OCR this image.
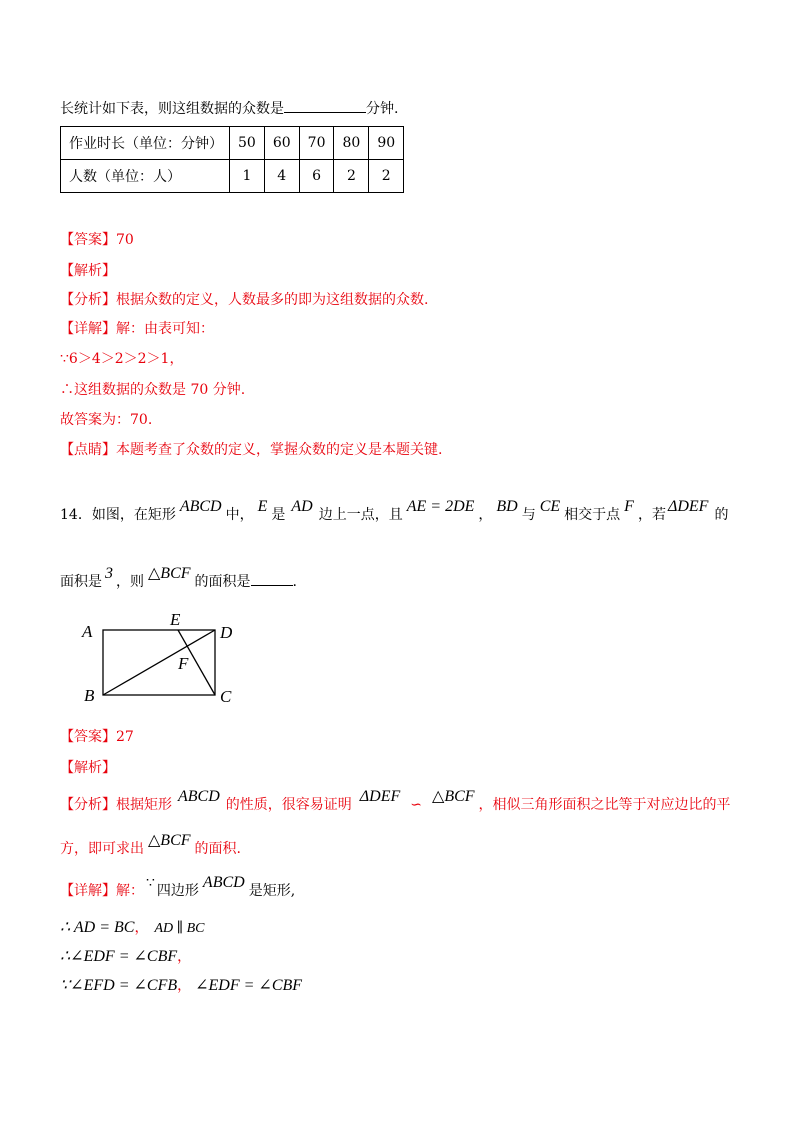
长统计如下表，则这组数据的众数是	分钟.
作业时长（单位：分钟）	50	60	70	80	90
人数（单位：人）	1	4	6	2	2
【答案】70
【解析】
【分析】根据众数的定义，人数最多的即为这组数据的众数.
【详解】解：由表可知：
∵6＞4＞2＞2＞1，
∴这组数据的众数是 70 分钟.
故答案为：70.
【点睛】本题考查了众数的定义，掌握众数的定义是本题关键.
14．如图，在矩形 ABCD 中， E 是 AD 边上一点，且 AE = 2DE ， BD 与 CE 相交于点 F ，若 ΔDEF 的
面积是 3 ，则 △BCF 的面积是	.
A
B	C
D
E
F
【答案】27
【解析】
【分析】根据矩形 ABCD 的性质，很容易证明 ΔDEF ∽ △BCF ，相似三角形面积之比等于对应边比的平
方，即可求出 △BCF 的面积.
【详解】解： ∵ 四边形 ABCD 是矩形,
∴ AD = BC， AD ∥ BC
∴∠EDF = ∠CBF，
∵∠EFD = ∠CFB， ∠EDF = ∠CBF
